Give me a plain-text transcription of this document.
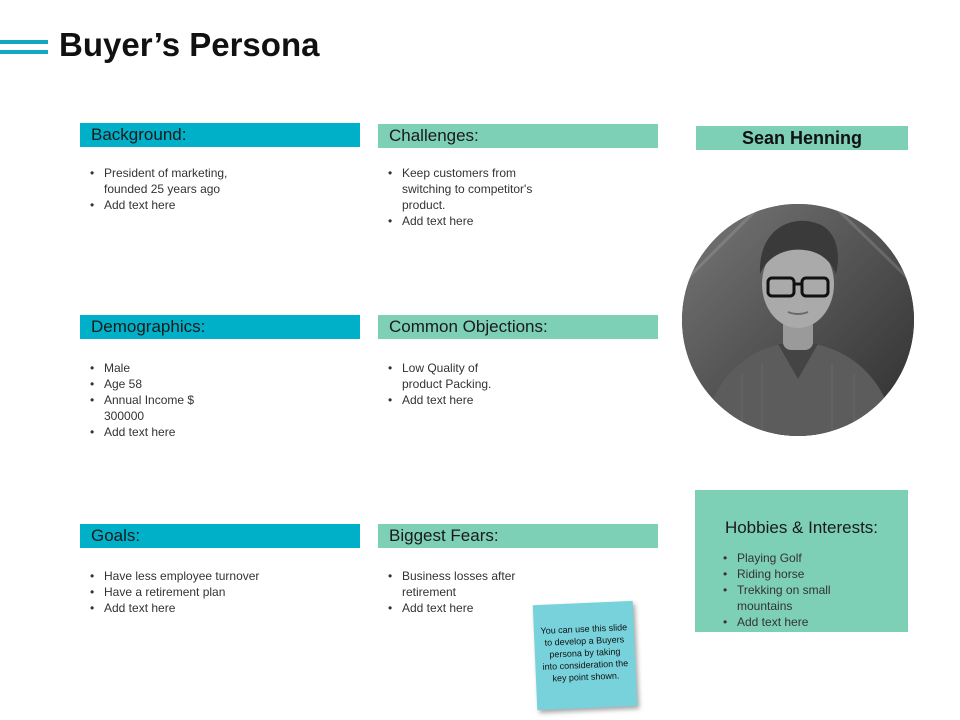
Buyer’s Persona
Background:
• President of marketing, founded 25 years ago
• Add text here
Challenges:
• Keep customers from switching to competitor's product.
• Add text here
Demographics:
• Male
• Age 58
• Annual Income $ 300000
• Add text here
Common Objections:
• Low Quality of product Packing.
• Add text here
Goals:
• Have less employee turnover
• Have a retirement plan
• Add text here
Biggest Fears:
• Business losses after retirement
• Add text here
Sean Henning
Hobbies & Interests:
• Playing Golf
• Riding horse
• Trekking on small mountains
• Add text here
You can use this slide to develop a Buyers persona by taking into consideration the key point shown.
